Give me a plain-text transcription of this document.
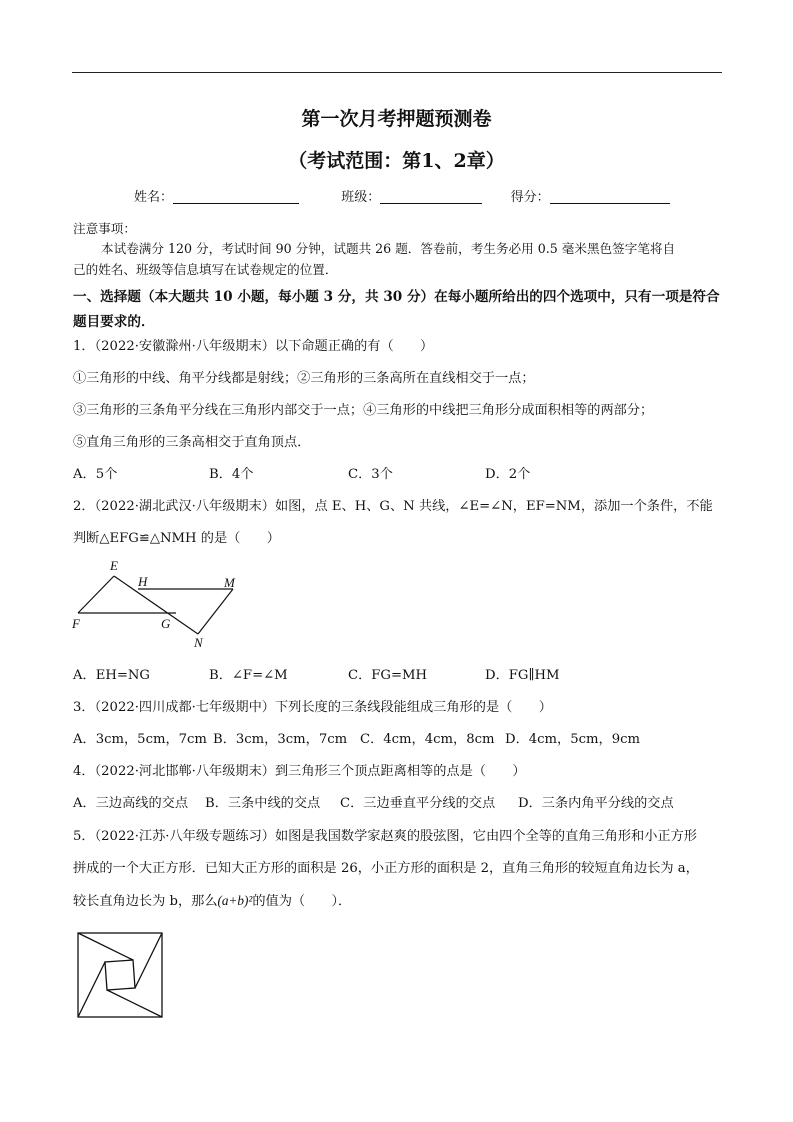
第一次月考押题预测卷
（考试范围：第1、2章）
姓名：	班级：	得分：
注意事项：
本试卷满分 120 分，考试时间 90 分钟，试题共 26 题．答卷前，考生务必用 0.5 毫米黑色签字笔将自
己的姓名、班级等信息填写在试卷规定的位置．
一、选择题（本大题共 10 小题，每小题 3 分，共 30 分）在每小题所给出的四个选项中，只有一项是符合
题目要求的．
1．（2022·安徽滁州·八年级期末）以下命题正确的有（　　）
①三角形的中线、角平分线都是射线；②三角形的三条高所在直线相交于一点；
③三角形的三条角平分线在三角形内部交于一点；④三角形的中线把三角形分成面积相等的两部分；
⑤直角三角形的三条高相交于直角顶点．
A．5个	B．4个	C．3个	D．2个
2．（2022·湖北武汉·八年级期末）如图，点 E、H、G、N 共线，∠E=∠N，EF=NM，添加一个条件，不能
判断△EFG≌△NMH 的是（　　）
E
H	M
F	G
N
A．EH=NG	B．∠F=∠M	C．FG=MH	D．FG∥HM
3．（2022·四川成都·七年级期中）下列长度的三条线段能组成三角形的是（　　）
A．3cm，5cm，7cm B．3cm，3cm，7cm C．4cm，4cm，8cm D．4cm，5cm，9cm
4．（2022·河北邯郸·八年级期末）到三角形三个顶点距离相等的点是（　　）
A．三边高线的交点 B．三条中线的交点 C．三边垂直平分线的交点 D．三条内角平分线的交点
5．（2022·江苏·八年级专题练习）如图是我国数学家赵爽的股弦图，它由四个全等的直角三角形和小正方形
拼成的一个大正方形．已知大正方形的面积是 26，小正方形的面积是 2，直角三角形的较短直角边长为 a，
较长直角边长为 b，那么(a+b)²的值为（　　）．
